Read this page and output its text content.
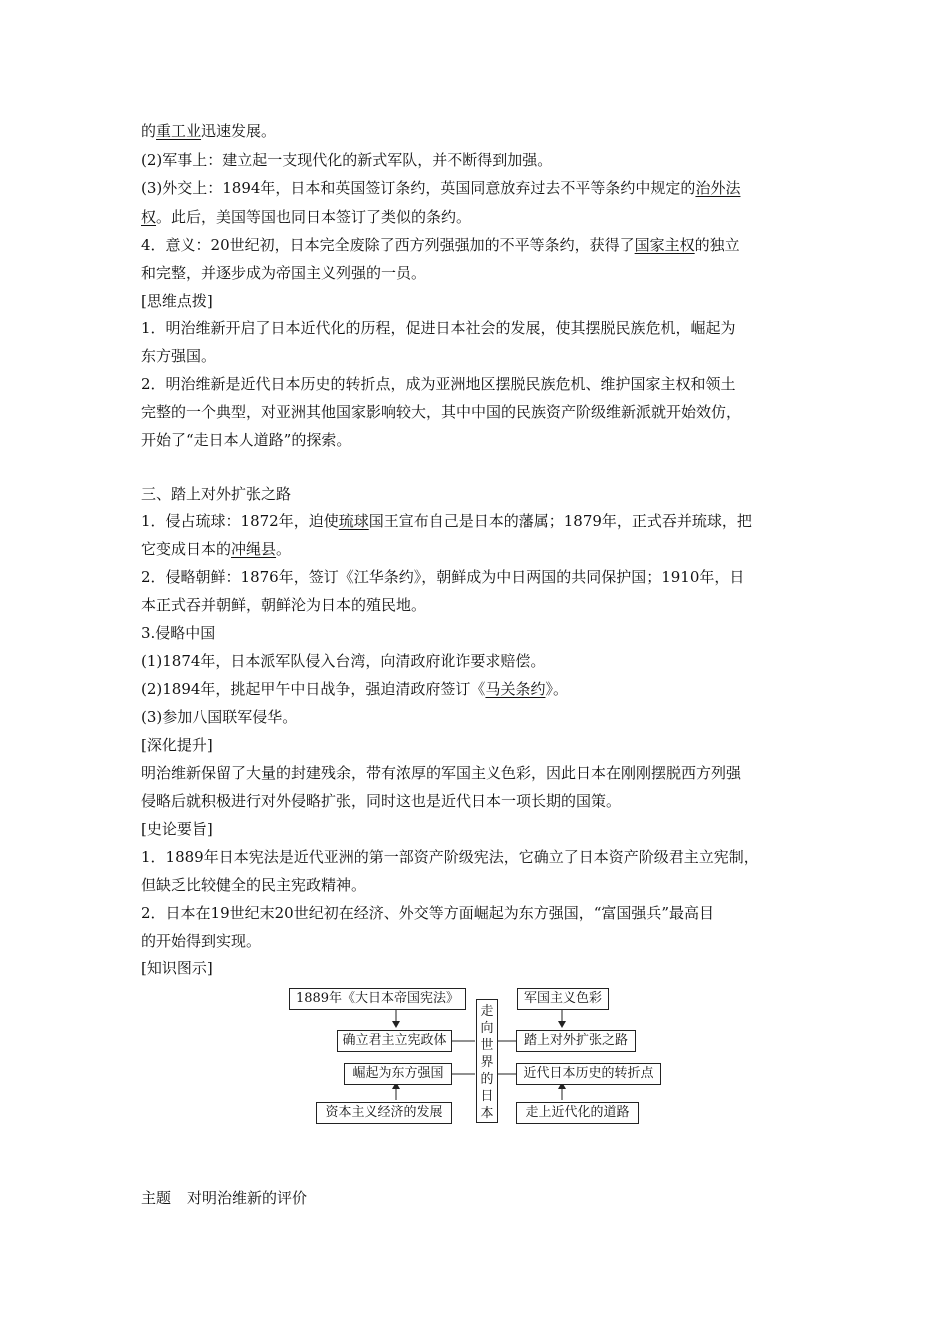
的重工业迅速发展。
(2)军事上：建立起一支现代化的新式军队，并不断得到加强。
(3)外交上：1894年，日本和英国签订条约，英国同意放弃过去不平等条约中规定的治外法
权。此后，美国等国也同日本签订了类似的条约。
4．意义：20世纪初，日本完全废除了西方列强强加的不平等条约，获得了国家主权的独立
和完整，并逐步成为帝国主义列强的一员。
[思维点拨]
1．明治维新开启了日本近代化的历程，促进日本社会的发展，使其摆脱民族危机，崛起为
东方强国。
2．明治维新是近代日本历史的转折点，成为亚洲地区摆脱民族危机、维护国家主权和领土
完整的一个典型，对亚洲其他国家影响较大，其中中国的民族资产阶级维新派就开始效仿，
开始了“走日本人道路”的探索。
三、踏上对外扩张之路
1．侵占琉球：1872年，迫使琉球国王宣布自己是日本的藩属；1879年，正式吞并琉球，把
它变成日本的冲绳县。
2．侵略朝鲜：1876年，签订《江华条约》，朝鲜成为中日两国的共同保护国；1910年，日
本正式吞并朝鲜，朝鲜沦为日本的殖民地。
3.侵略中国
(1)1874年，日本派军队侵入台湾，向清政府讹诈要求赔偿。
(2)1894年，挑起甲午中日战争，强迫清政府签订《马关条约》。
(3)参加八国联军侵华。
[深化提升]
明治维新保留了大量的封建残余，带有浓厚的军国主义色彩，因此日本在刚刚摆脱西方列强
侵略后就积极进行对外侵略扩张，同时这也是近代日本一项长期的国策。
[史论要旨]
1．1889年日本宪法是近代亚洲的第一部资产阶级宪法，它确立了日本资产阶级君主立宪制，
但缺乏比较健全的民主宪政精神。
2．日本在19世纪末20世纪初在经济、外交等方面崛起为东方强国，“富国强兵”最高目
的开始得到实现。
[知识图示]
1889年《大日本帝国宪法》
确立君主立宪政体
崛起为东方强国
资本主义经济的发展
走
向
世
界
的
日
本
军国主义色彩
踏上对外扩张之路
近代日本历史的转折点
走上近代化的道路
主题 对明治维新的评价
